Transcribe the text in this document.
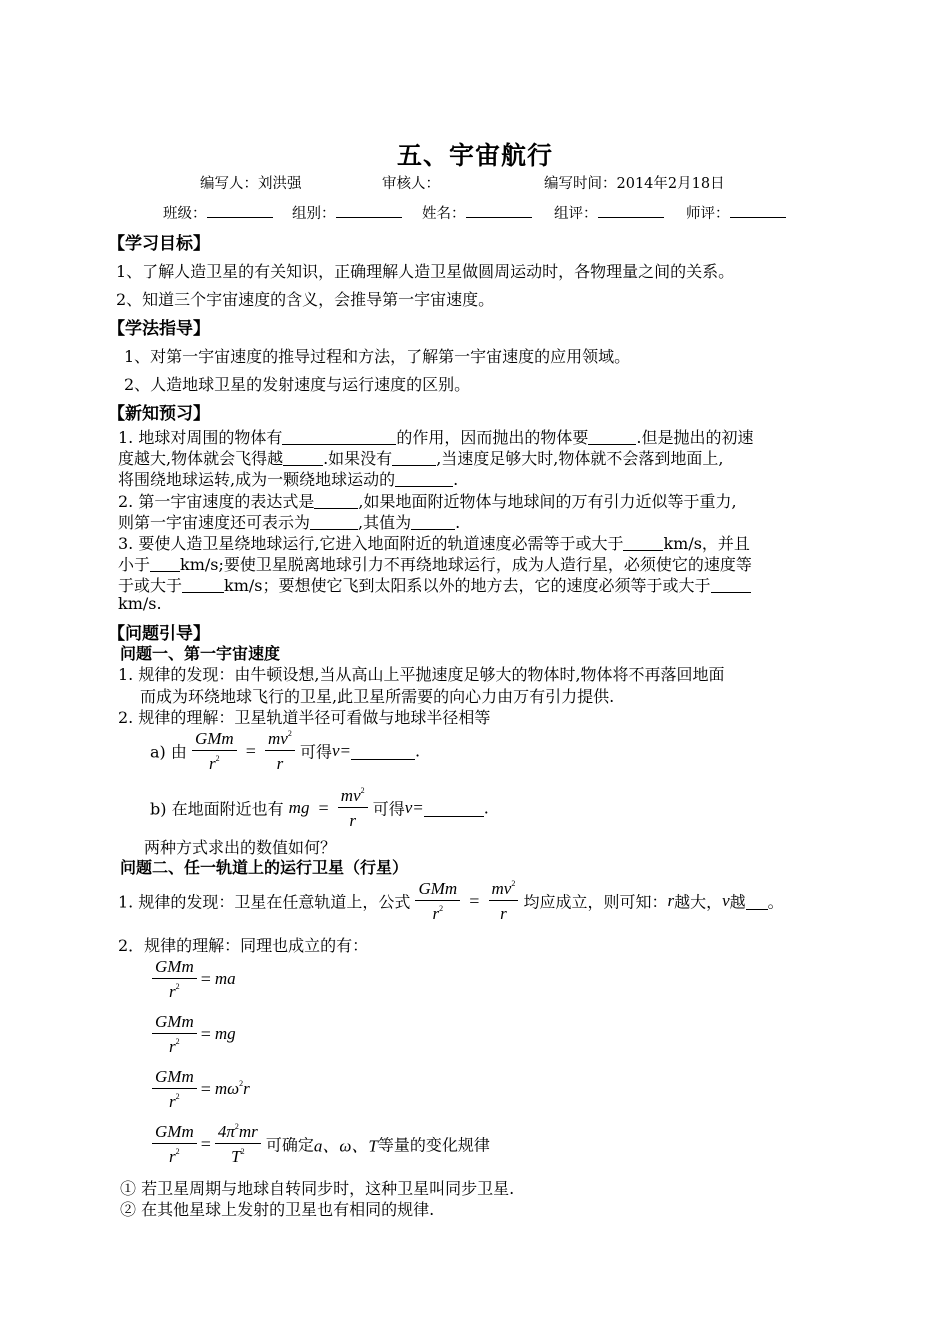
五、宇宙航行
编写人：刘洪强	审核人：	编写时间：2014年2月18日
班级：	组别：	姓名：	组评：	师评：
【学习目标】
1、了解人造卫星的有关知识，正确理解人造卫星做圆周运动时，各物理量之间的关系。
2、知道三个宇宙速度的含义，会推导第一宇宙速度。
【学法指导】
1、对第一宇宙速度的推导过程和方法，了解第一宇宙速度的应用领域。
2、人造地球卫星的发射速度与运行速度的区别。
【新知预习】
1. 地球对周围的物体有	的作用，因而抛出的物体要	.但是抛出的初速
度越大,物体就会飞得越	.如果没有	,当速度足够大时,物体就不会落到地面上,
将围绕地球运转,成为一颗绕地球运动的	.
2. 第一宇宙速度的表达式是	,如果地面附近物体与地球间的万有引力近似等于重力,
则第一宇宙速度还可表示为	,其值为	.
3. 要使人造卫星绕地球运行,它进入地面附近的轨道速度必需等于或大于	km/s，并且
小于 km/s;要使卫星脱离地球引力不再绕地球运行，成为人造行星，必须使它的速度等
于或大于	km/s；要想使它飞到太阳系以外的地方去，它的速度必须等于或大于
km/s.
【问题引导】
问题一、第一宇宙速度
1. 规律的发现：由牛顿设想,当从高山上平抛速度足够大的物体时,物体将不再落回地面
而成为环绕地球飞行的卫星,此卫星所需要的向心力由万有引力提供.
2. 规律的理解：卫星轨道半径可看做与地球半径相等
a) 由 $\frac{\text{GMm}}{r^2} = \frac{mv^2}{r}$ 可得v=	.
b) 在地面附近也有 mg = $\frac{mv^2}{r}$ 可得v=	.
两种方式求出的数值如何？
问题二、任一轨道上的运行卫星（行星）
1. 规律的发现：卫星在任意轨道上，公式 $\frac{\text{GMm}}{r^2} = \frac{mv^2}{r}$ 均应成立，则可知：r越大，v越 。
2．规律的理解：同理也成立的有：
$\frac{\text{GMm}}{r^2}$ = ma
$\frac{\text{GMm}}{r^2}$ = mg
$\frac{\text{GMm}}{r^2} = m\omega^2r$
$\frac{\text{GMm}}{r^2} = \frac{4\pi^2mr}{T^2}$ 可确定a、ω、T等量的变化规律
① 若卫星周期与地球自转同步时，这种卫星叫同步卫星.
② 在其他星球上发射的卫星也有相同的规律.
